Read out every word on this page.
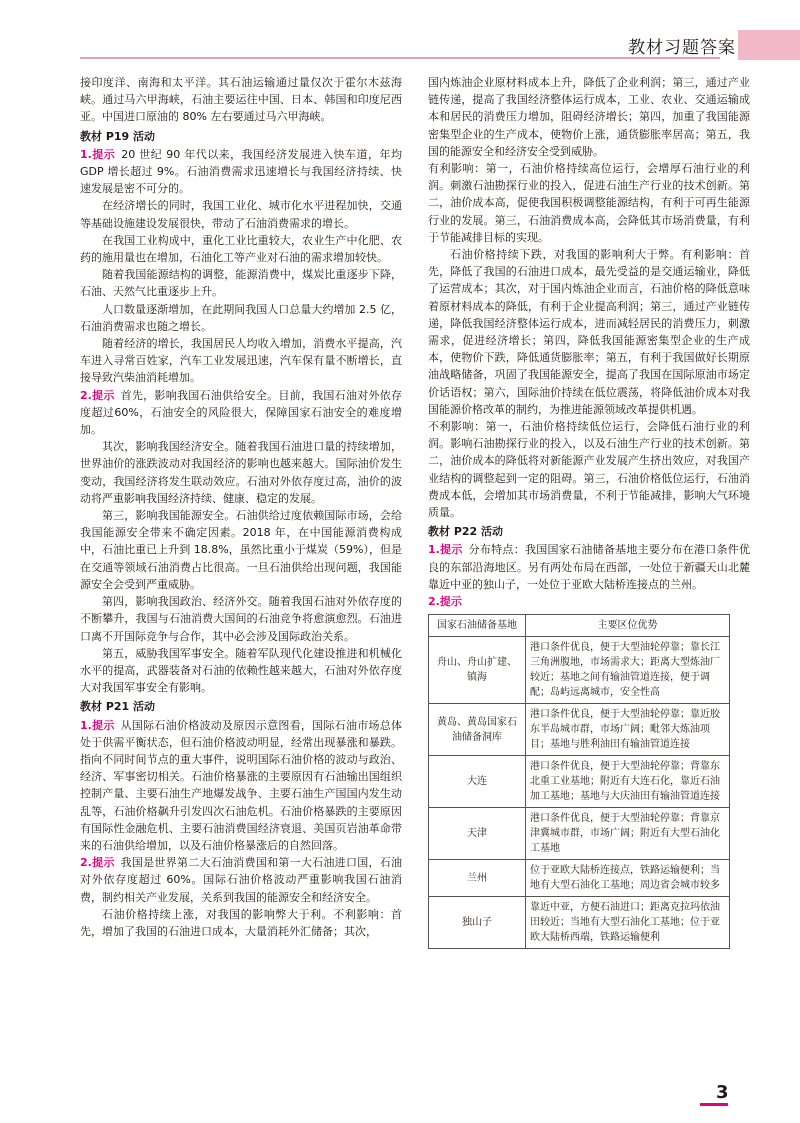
教材习题答案

接印度洋、南海和太平洋。其石油运输通过量仅次于霍尔木兹海峡。通过马六甲海峡，石油主要运往中国、日本、韩国和印度尼西亚。中国进口原油的 80% 左右要通过马六甲海峡。

教材 P19 活动

1.提示 20 世纪 90 年代以来，我国经济发展进入快车道，年均 GDP 增长超过 9%。石油消费需求迅速增长与我国经济持续、快速发展是密不可分的。

在经济增长的同时，我国工业化、城市化水平进程加快，交通等基础设施建设发展很快，带动了石油消费需求的增长。

在我国工业构成中，重化工业比重较大，农业生产中化肥、农药的施用量也在增加，石油化工等产业对石油的需求增加较快。

随着我国能源结构的调整，能源消费中，煤炭比重逐步下降，石油、天然气比重逐步上升。

人口数量逐渐增加，在此期间我国人口总量大约增加 2.5 亿，石油消费需求也随之增长。

随着经济的增长，我国居民人均收入增加，消费水平提高，汽车进入寻常百姓家，汽车工业发展迅速，汽车保有量不断增长，直接导致汽柴油消耗增加。

2.提示 首先，影响我国石油供给安全。目前，我国石油对外依存度超过60%，石油安全的风险很大，保障国家石油安全的难度增加。

其次，影响我国经济安全。随着我国石油进口量的持续增加，世界油价的涨跌波动对我国经济的影响也越来越大。国际油价发生变动，我国经济将发生联动效应。石油对外依存度过高，油价的波动将严重影响我国经济持续、健康、稳定的发展。

第三，影响我国能源安全。石油供给过度依赖国际市场，会给我国能源安全带来不确定因素。2018 年，在中国能源消费构成中，石油比重已上升到 18.8%，虽然比重小于煤炭（59%），但是在交通等领域石油消费占比很高。一旦石油供给出现问题，我国能源安全会受到严重威胁。

第四，影响我国政治、经济外交。随着我国石油对外依存度的不断攀升，我国与石油消费大国间的石油竞争将愈演愈烈。石油进口离不开国际竞争与合作，其中必会涉及国际政治关系。

第五，威胁我国军事安全。随着军队现代化建设推进和机械化水平的提高，武器装备对石油的依赖性越来越大，石油对外依存度大对我国军事安全有影响。

教材 P21 活动

1.提示 从国际石油价格波动及原因示意图看，国际石油市场总体处于供需平衡状态，但石油价格波动明显，经常出现暴涨和暴跌。指向不同时间节点的重大事件，说明国际石油价格的波动与政治、经济、军事密切相关。石油价格暴涨的主要原因有石油输出国组织控制产量、主要石油生产地爆发战争、主要石油生产国国内发生动乱等，石油价格飙升引发四次石油危机。石油价格暴跌的主要原因有国际性金融危机、主要石油消费国经济衰退、美国页岩油革命带来的石油供给增加，以及石油价格暴涨后的自然回落。

2.提示 我国是世界第二大石油消费国和第一大石油进口国，石油对外依存度超过 60%。国际石油价格波动严重影响我国石油消费，制约相关产业发展，关系到我国的能源安全和经济安全。

石油价格持续上涨，对我国的影响弊大于利。不利影响：首先，增加了我国的石油进口成本，大量消耗外汇储备；其次，

国内炼油企业原材料成本上升，降低了企业利润；第三，通过产业链传递，提高了我国经济整体运行成本，工业、农业、交通运输成本和居民的消费压力增加，阻碍经济增长；第四，加重了我国能源密集型企业的生产成本，使物价上涨，通货膨胀率居高；第五，我国的能源安全和经济安全受到威胁。

有利影响：第一，石油价格持续高位运行，会增厚石油行业的利润。刺激石油勘探行业的投入，促进石油生产行业的技术创新。第二，油价成本高，促使我国积极调整能源结构，有利于可再生能源行业的发展。第三，石油消费成本高，会降低其市场消费量，有利于节能减排目标的实现。

石油价格持续下跌，对我国的影响利大于弊。有利影响：首先，降低了我国的石油进口成本，最先受益的是交通运输业，降低了运营成本；其次，对于国内炼油企业而言，石油价格的降低意味着原材料成本的降低，有利于企业提高利润；第三，通过产业链传递，降低我国经济整体运行成本，进而减轻居民的消费压力，刺激需求，促进经济增长；第四，降低我国能源密集型企业的生产成本，使物价下跌，降低通货膨胀率；第五，有利于我国做好长期原油战略储备，巩固了我国能源安全，提高了我国在国际原油市场定价话语权；第六，国际油价持续在低位震荡，将降低油价成本对我国能源价格改革的制约，为推进能源领域改革提供机遇。

不利影响：第一，石油价格持续低位运行，会降低石油行业的利润。影响石油勘探行业的投入，以及石油生产行业的技术创新。第二，油价成本的降低将对新能源产业发展产生挤出效应，对我国产业结构的调整起到一定的阻碍。第三，石油价格低位运行，石油消费成本低，会增加其市场消费量，不利于节能减排，影响大气环境质量。

教材 P22 活动

1.提示 分布特点：我国国家石油储备基地主要分布在港口条件优良的东部沿海地区。另有两处布局在西部，一处位于新疆天山北麓靠近中亚的独山子，一处位于亚欧大陆桥连接点的兰州。

2.提示

国家石油储备基地	主要区位优势
舟山、舟山扩建、镇海	港口条件优良，便于大型油轮停靠；靠长江三角洲腹地，市场需求大；距离大型炼油厂较近；基地之间有输油管道连接，便于调配；岛屿远离城市，安全性高
黄岛、黄岛国家石油储备洞库	港口条件优良，便于大型油轮停靠；靠近胶东半岛城市群，市场广阔；毗邻大炼油项目；基地与胜利油田有输油管道连接
大连	港口条件优良，便于大型油轮停靠；背靠东北重工业基地；附近有大连石化，靠近石油加工基地；基地与大庆油田有输油管道连接
天津	港口条件优良，便于大型油轮停靠；背靠京津冀城市群，市场广阔；附近有大型石油化工基地
兰州	位于亚欧大陆桥连接点，铁路运输便利；当地有大型石油化工基地；周边省会城市较多
独山子	靠近中亚，方便石油进口；距离克拉玛依油田较近；当地有大型石油化工基地；位于亚欧大陆桥西端，铁路运输便利
3
